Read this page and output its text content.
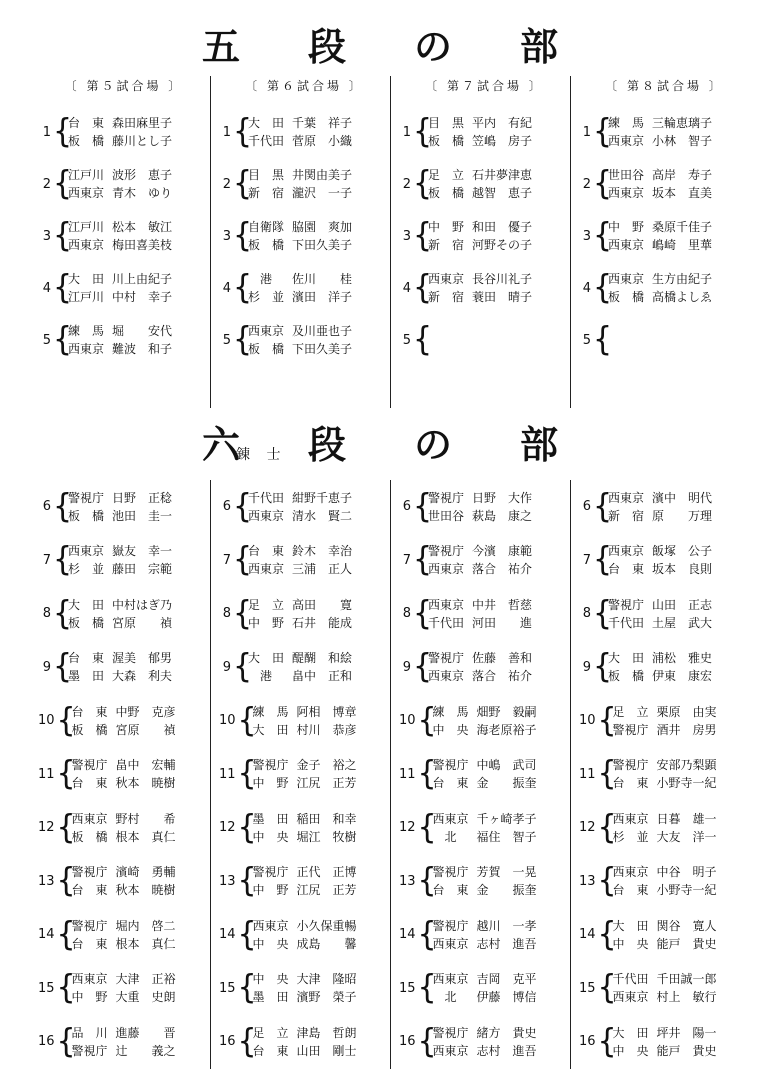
五 段 の 部
〔 第５試合場 〕
1 {
台　東 森田麻里子
板　橋 藤川とし子
2 {
江戸川 波形　恵子
西東京 青木　ゆり
3 {
江戸川 松本　敏江
西東京 梅田喜美枝
4 {
大　田 川上由紀子
江戸川 中村　幸子
5 {
練　馬 堀　　安代
西東京 難波　和子
〔 第６試合場 〕
1 {
大　田 千葉　祥子
千代田 菅原　小織
2 {
目　黒 井関由美子
新　宿 瀧沢　一子
3 {
自衛隊 脇園　爽加
板　橋 下田久美子
4 {
　港	佐川　　桂
杉　並 濱田　洋子
5 {
西東京 及川亜也子
板　橋 下田久美子
〔 第７試合場 〕
1 {
目　黒 平内　有紀
板　橋 笠嶋　房子
2 {
足　立 石井夢津恵
板　橋 越智　恵子
3 {
中　野 和田　優子
新　宿 河野その子
4 {
西東京 長谷川礼子
新　宿 蓑田　晴子
5 {
〔 第８試合場 〕
1 {
練　馬 三輪恵璃子
西東京 小林　智子
2 {
世田谷 高岸　寿子
西東京 坂本　直美
3 {
中　野 桑原千佳子
西東京 嶋崎　里華
4 {
西東京 生方由紀子
板　橋 高橋よしゑ
5 {
錬 士
六 段 の 部
6 {
警視庁 日野　正稔
板　橋 池田　圭一
7 {
西東京 嶽友　幸一
杉　並 藤田　宗範
8 {
大　田 中村はぎ乃
板　橋 宮原　　禎
9 {
台　東 渥美　郁男
墨　田 大森　利夫
10 {
台　東 中野　克彦
板　橋 宮原　　禎
11 {
警視庁 畠中　宏輔
台　東 秋本　暁樹
12 {
西東京 野村　　希
板　橋 根本　真仁
13 {
警視庁 濱崎　勇輔
台　東 秋本　暁樹
14 {
警視庁 堀内　啓二
台　東 根本　真仁
15 {
西東京 大津　正裕
中　野 大重　史朗
16 {
品　川 進藤　　晋
警視庁 辻　　義之
6 {
千代田 紺野千恵子
西東京 清水　賢二
7 {
台　東 鈴木　幸治
西東京 三浦　正人
8 {
足　立 高田　　寛
中　野 石井　能成
9 {
大　田 醍醐　和絵
　港	畠中　正和
10 {
練　馬 阿相　博章
大　田 村川　恭彦
11 {
警視庁 金子　裕之
中　野 江尻　正芳
12 {
墨　田 稲田　和幸
中　央 堀江　牧樹
13 {
警視庁 正代　正博
中　野 江尻　正芳
14 {
西東京 小久保重暢
中　央 成島　　馨
15 {
中　央 大津　隆昭
墨　田 濱野　榮子
16 {
足　立 津島　哲朗
台　東 山田　剛士
6 {
警視庁 日野　大作
世田谷 萩島　康之
7 {
警視庁 今濱　康範
西東京 落合　祐介
8 {
西東京 中井　哲慈
千代田 河田　　進
9 {
警視庁 佐藤　善和
西東京 落合　祐介
10 {
練　馬 畑野　毅嗣
中　央 海老原裕子
11 {
警視庁 中嶋　武司
台　東 金　　振奎
12 {
西東京 千ヶ崎孝子
　北	福住　智子
13 {
警視庁 芳賀　一晃
台　東 金　　振奎
14 {
警視庁 越川　一孝
西東京 志村　進吾
15 {
西東京 吉岡　克平
　北	伊藤　博信
16 {
警視庁 緒方　貴史
西東京 志村　進吾
6 {
西東京 濱中　明代
新　宿 原　　万理
7 {
西東京 飯塚　公子
台　東 坂本　良則
8 {
警視庁 山田　正志
千代田 土屋　武大
9 {
大　田 浦松　雅史
板　橋 伊東　康宏
10 {
足　立 栗原　由実
警視庁 酒井　房男
11 {
警視庁 安部乃梨顕
台　東 小野寺一紀
12 {
西東京 日暮　雄一
杉　並 大友　洋一
13 {
西東京 中谷　明子
台　東 小野寺一紀
14 {
大　田 関谷　寛人
中　央 能戸　貴史
15 {
千代田 千田誠一郎
西東京 村上　敏行
16 {
大　田 坪井　陽一
中　央 能戸　貴史
